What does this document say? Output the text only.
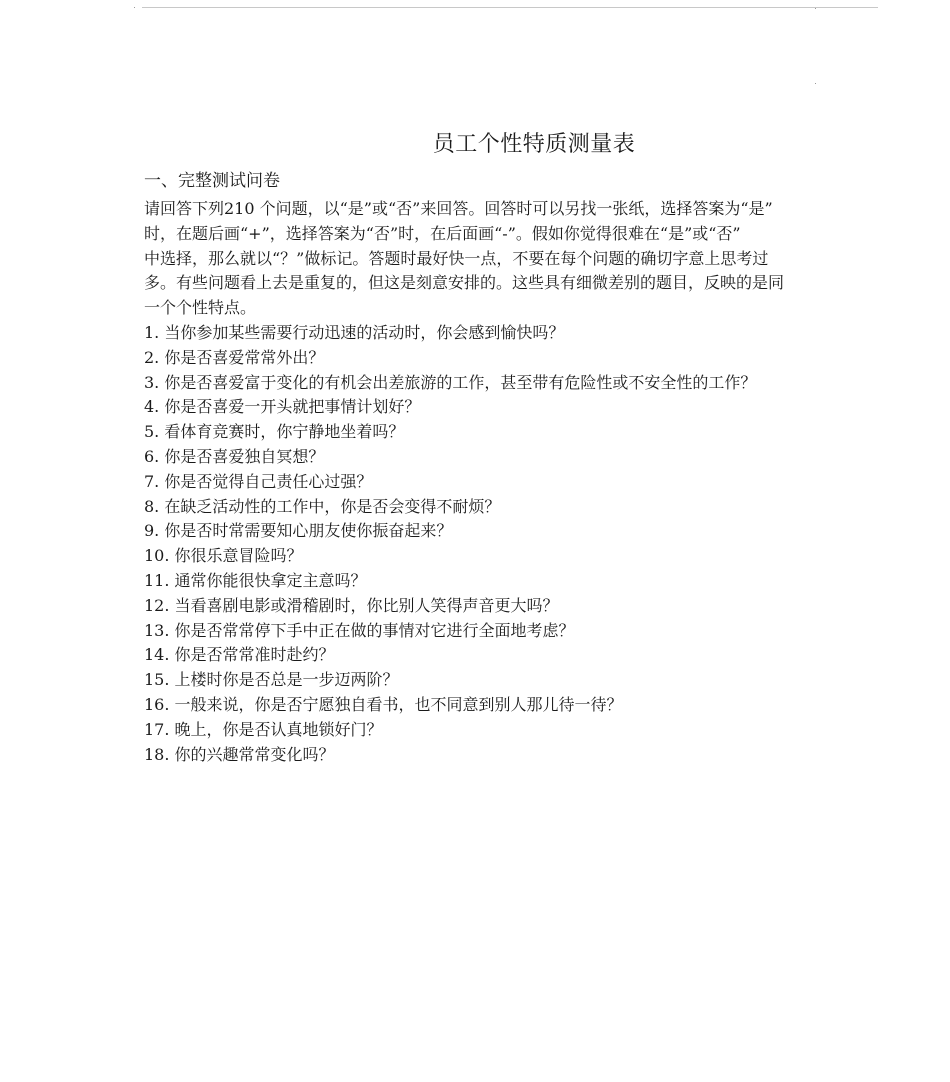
员工个性特质测量表
一、完整测试问卷
请回答下列210 个问题，以“是”或“否”来回答。回答时可以另找一张纸，选择答案为“是”
时，在题后画“+”，选择答案为“否”时，在后面画“-”。假如你觉得很难在“是”或“否”
中选择，那么就以“？”做标记。答题时最好快一点，不要在每个问题的确切字意上思考过
多。有些问题看上去是重复的，但这是刻意安排的。这些具有细微差别的题目，反映的是同
一个个性特点。
1. 当你参加某些需要行动迅速的活动时，你会感到愉快吗？
2. 你是否喜爱常常外出？
3. 你是否喜爱富于变化的有机会出差旅游的工作，甚至带有危险性或不安全性的工作？
4. 你是否喜爱一开头就把事情计划好？
5. 看体育竞赛时，你宁静地坐着吗？
6. 你是否喜爱独自冥想？
7. 你是否觉得自己责任心过强？
8. 在缺乏活动性的工作中，你是否会变得不耐烦？
9. 你是否时常需要知心朋友使你振奋起来？
10. 你很乐意冒险吗？
11. 通常你能很快拿定主意吗？
12. 当看喜剧电影或滑稽剧时，你比别人笑得声音更大吗？
13. 你是否常常停下手中正在做的事情对它进行全面地考虑？
14. 你是否常常准时赴约？
15. 上楼时你是否总是一步迈两阶？
16. 一般来说，你是否宁愿独自看书，也不同意到别人那儿待一待？
17. 晚上，你是否认真地锁好门？
18. 你的兴趣常常变化吗？
